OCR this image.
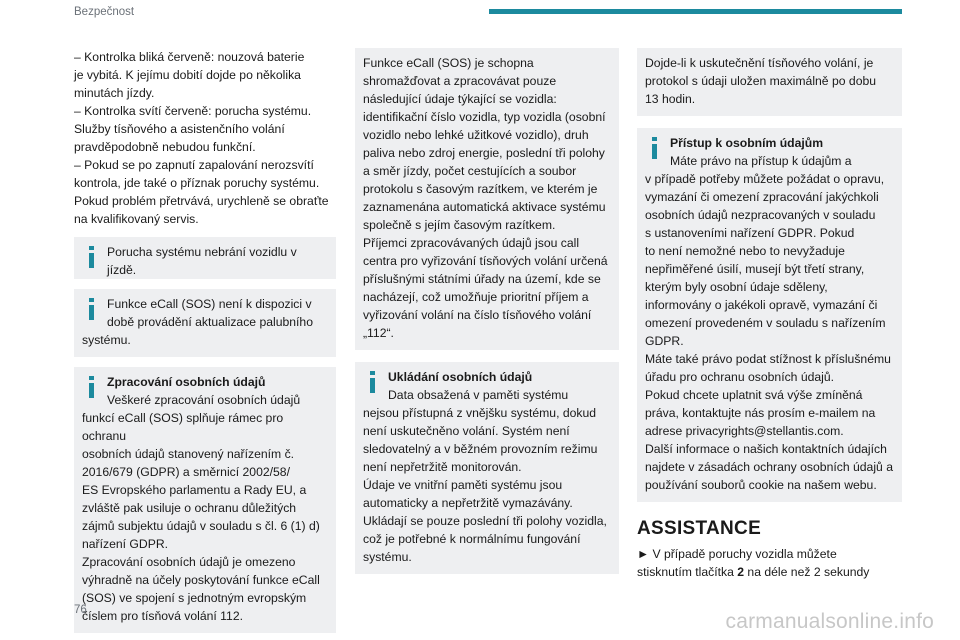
Bezpečnost

– Kontrolka bliká červeně: nouzová baterie

je vybitá. K jejímu dobití dojde po několika

minutách jízdy.

– Kontrolka svítí červeně: porucha systému.

Služby tísňového a asistenčního volání

pravděpodobně nebudou funkční.

– Pokud se po zapnutí zapalování nerozsvítí

kontrola, jde také o příznak poruchy systému.

Pokud problém přetrvává, urychleně se obraťte

na kvalifikovaný servis.

Porucha systému nebrání vozidlu v jízdě.

Funkce eCall (SOS) není k dispozici v

době provádění aktualizace palubního

systému.

Zpracování osobních údajů

Veškeré zpracování osobních údajů

funkcí eCall (SOS) splňuje rámec pro ochranu

osobních údajů stanovený nařízením č.

2016/679 (GDPR) a směrnicí 2002/58/

ES Evropského parlamentu a Rady EU, a

zvláště pak usiluje o ochranu důležitých

zájmů subjektu údajů v souladu s čl. 6 (1) d)

nařízení GDPR.

Zpracování osobních údajů je omezeno

výhradně na účely poskytování funkce eCall

(SOS) ve spojení s jednotným evropským

číslem pro tísňová volání 112.

Funkce eCall (SOS) je schopna

shromažďovat a zpracovávat pouze

následující údaje týkající se vozidla:

identifikační číslo vozidla, typ vozidla (osobní

vozidlo nebo lehké užitkové vozidlo), druh

paliva nebo zdroj energie, poslední tři polohy

a směr jízdy, počet cestujících a soubor

protokolu s časovým razítkem, ve kterém je

zaznamenána automatická aktivace systému

společně s jejím časovým razítkem.

Příjemci zpracovávaných údajů jsou call

centra pro vyřizování tísňových volání určená

příslušnými státními úřady na území, kde se

nacházejí, což umožňuje prioritní příjem a

vyřizování volání na číslo tísňového volání

„112“.

Ukládání osobních údajů

Data obsažená v paměti systému

nejsou přístupná z vnějšku systému, dokud

není uskutečněno volání. Systém není

sledovatelný a v běžném provozním režimu

není nepřetržitě monitorován.

Údaje ve vnitřní paměti systému jsou

automaticky a nepřetržitě vymazávány.

Ukládají se pouze poslední tři polohy vozidla,

což je potřebné k normálnímu fungování

systému.

Dojde-li k uskutečnění tísňového volání, je

protokol s údaji uložen maximálně po dobu

13 hodin.

Přístup k osobním údajům

Máte právo na přístup k údajům a

v případě potřeby můžete požádat o opravu,

vymazání či omezení zpracování jakýchkoli

osobních údajů nezpracovaných v souladu

s ustanoveními nařízení GDPR. Pokud

to není nemožné nebo to nevyžaduje

nepřiměřené úsilí, musejí být třetí strany,

kterým byly osobní údaje sděleny,

informovány o jakékoli opravě, vymazání či

omezení provedeném v souladu s nařízením

GDPR.

Máte také právo podat stížnost k příslušnému

úřadu pro ochranu osobních údajů.

Pokud chcete uplatnit svá výše zmíněná

práva, kontaktujte nás prosím e-mailem na

adrese privacyrights@stellantis.com.

Další informace o našich kontaktních údajích

najdete v zásadách ochrany osobních údajů a

používání souborů cookie na našem webu.

ASSISTANCE

► V případě poruchy vozidla můžete

stisknutím tlačítka 2 na déle než 2 sekundy

76	carmanualsonline.info
